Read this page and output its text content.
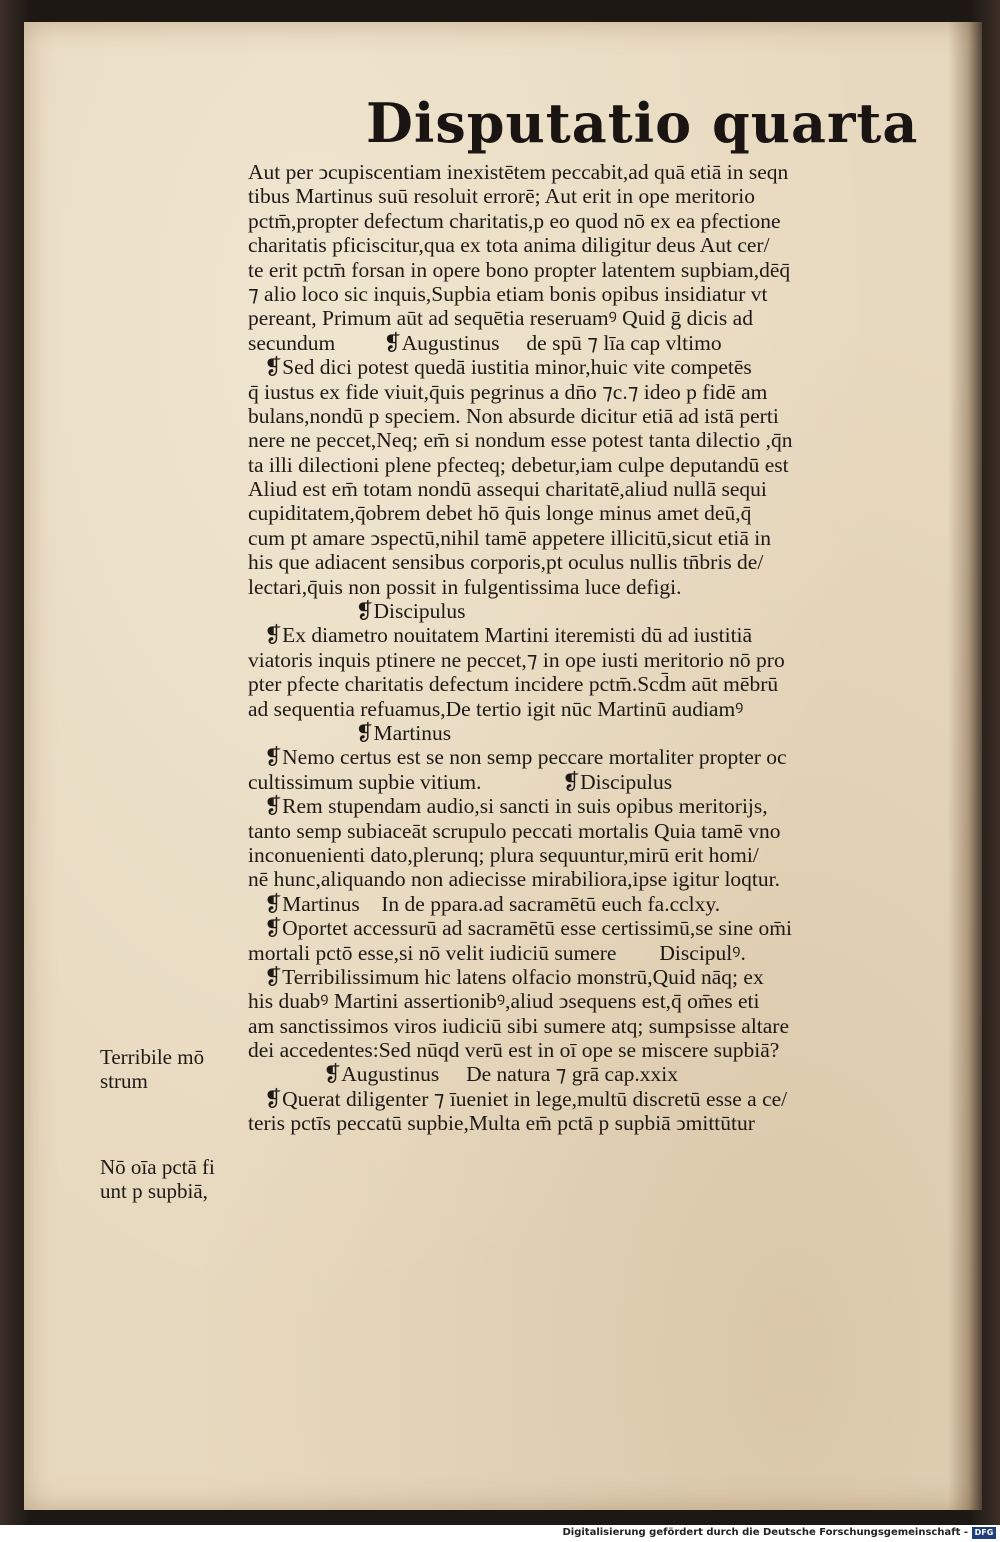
Disputatio quarta
Aut per ↄcupiscentiam inexistētem peccabit,ad quā etiā in seqn
tibus Martinus suū resoluit errorē; Aut erit in ope meritorio
pctm̄,propter defectum charitatis,p eo quod nō ex ea pfectione
charitatis pficiscitur,qua ex tota anima diligitur deus Aut cer/
te erit pctm̄ forsan in opere bono propter latentem supbiam,dēq̄
⁊ alio loco sic inquis,Supbia etiam bonis opibus insidiatur vt
pereant, Primum aūt ad sequētia reseruamꝰ Quid ḡ dicis ad
secundum         ❡Augustinus     de spū ⁊ līa cap vltimo
❡Sed dici potest quedā iustitia minor,huic vite competēs
q̄ iustus ex fide viuit,q̄uis pegrinus a dn̄o ⁊c.⁊ ideo p fidē am
bulans,nondū p speciem. Non absurde dicitur etiā ad istā perti
nere ne peccet,Neq; em̄ si nondum esse potest tanta dilectio ,q̄n
ta illi dilectioni plene pfecteq; debetur,iam culpe deputandū est
Aliud est em̄ totam nondū assequi charitatē,aliud nullā sequi
cupiditatem,q̄obrem debet hō q̄uis longe minus amet deū,q̄
cum pt amare ↄspectū,nihil tamē appetere illicitū,sicut etiā in
his que adiacent sensibus corporis,pt oculus nullis tn̄bris de/
lectari,q̄uis non possit in fulgentissima luce defigi.
❡Discipulus
❡Ex diametro nouitatem Martini iteremisti dū ad iustitiā
viatoris inquis ptinere ne peccet,⁊ in ope iusti meritorio nō pro
pter pfecte charitatis defectum incidere pctm̄.Scd̄m aūt mēbrū
ad sequentia refuamus,De tertio igit nūc Martinū audiamꝰ
❡Martinus
❡Nemo certus est se non semp peccare mortaliter propter oc
cultissimum supbie vitium.               ❡Discipulus
❡Rem stupendam audio,si sancti in suis opibus meritorijs,
tanto semp subiaceāt scrupulo peccati mortalis Quia tamē vno
inconuenienti dato,plerunq; plura sequuntur,mirū erit homi/
nē hunc,aliquando non adiecisse mirabiliora,ipse igitur loqtur.
❡Martinus    In de ppara.ad sacramētū euch fa.cclxy.
❡Oportet accessurū ad sacramētū esse certissimū,se sine om̄i
mortali pctō esse,si nō velit iudiciū sumere        Discipulꝰ.
❡Terribilissimum hic latens olfacio monstrū,Quid nāq; ex
his duabꝰ Martini assertionibꝰ,aliud ↄsequens est,q̄ om̄es eti
am sanctissimos viros iudiciū sibi sumere atq; sumpsisse altare
dei accedentes:Sed nūqd verū est in oī ope se miscere supbiā?
❡Augustinus     De natura ⁊ grā cap.xxix
❡Querat diligenter ⁊ īueniet in lege,multū discretū esse a ce/
teris pctīs peccatū supbie,Multa em̄ pctā p supbiā ↄmittūtur
Terribile mō
strum
Nō oīa pctā fi
unt p supbiā,
Digitalisierung gefördert durch die Deutsche Forschungsgemeinschaft - DFG
